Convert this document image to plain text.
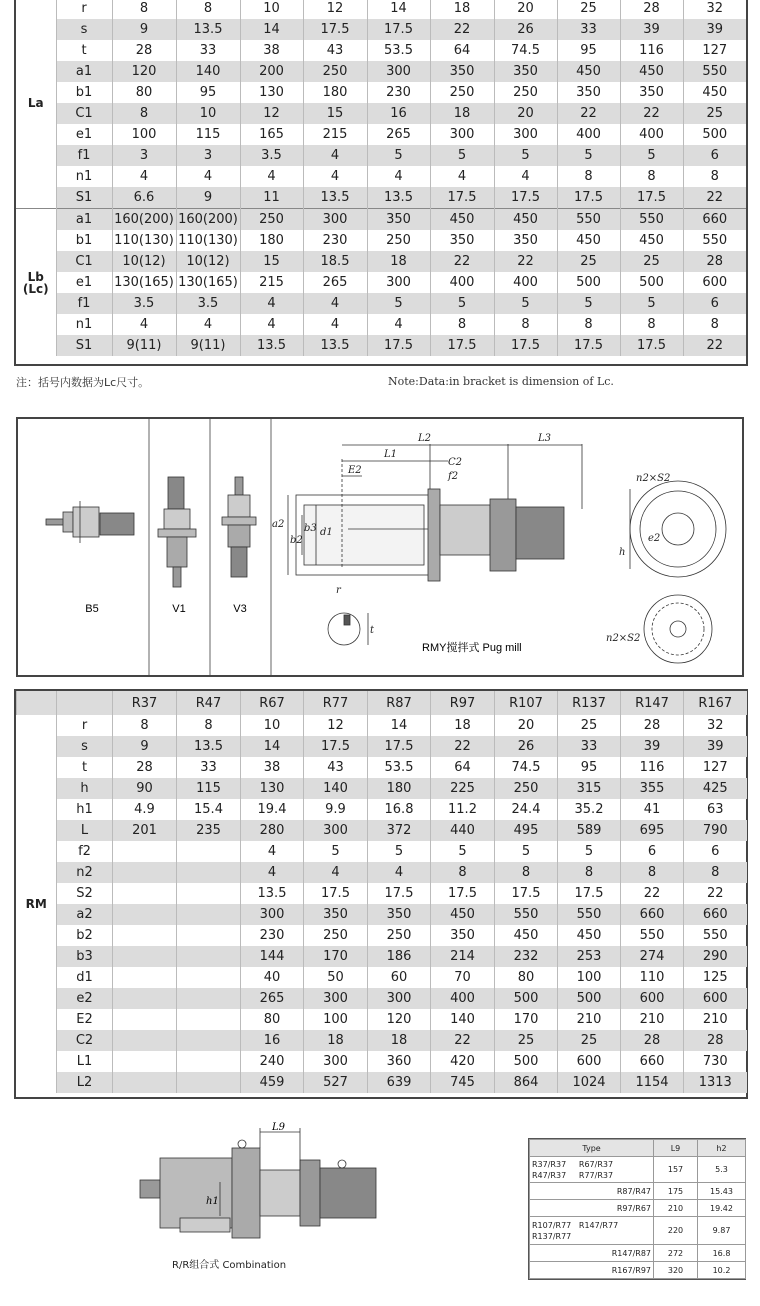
La	r	8	8	10	12	14	18	20	25	28	32
	s	9	13.5	14	17.5	17.5	22	26	33	39	39
	t	28	33	38	43	53.5	64	74.5	95	116	127
	a1	120	140	200	250	300	350	350	450	450	550
	b1	80	95	130	180	230	250	250	350	350	450
	C1	8	10	12	15	16	18	20	22	22	25
	e1	100	115	165	215	265	300	300	400	400	500
	f1	3	3	3.5	4	5	5	5	5	5	6
	n1	4	4	4	4	4	4	4	8	8	8
	S1	6.6	9	11	13.5	13.5	17.5	17.5	17.5	17.5	22

Lb
(Lc)	a1	160(200)	160(200)	250	300	350	450	450	550	550	660
	b1	110(130)	110(130)	180	230	250	350	350	450	450	550
	C1	10(12)	10(12)	15	18.5	18	22	22	25	25	28
	e1	130(165)	130(165)	215	265	300	400	400	500	500	600
	f1	3.5	3.5	4	4	5	5	5	5	5	6
	n1	4	4	4	4	4	8	8	8	8	8
	S1	9(11)	9(11)	13.5	13.5	17.5	17.5	17.5	17.5	17.5	22
注：括号内数据为Lc尺寸。	Note:Data:in bracket is dimension of Lc.
B5	V1	V3
L2	L3
L1
C2
E2
f2
a2 b3
b2
d1
h
r
t
n2×S2
e2
n2×S2
RMY搅拌式 Pug mill
		R37	R47	R67	R77	R87	R97	R107	R137	R147	R167

RM	r	8	8	10	12	14	18	20	25	28	32
	s	9	13.5	14	17.5	17.5	22	26	33	39	39
	t	28	33	38	43	53.5	64	74.5	95	116	127
	h	90	115	130	140	180	225	250	315	355	425
	h1	4.9	15.4	19.4	9.9	16.8	11.2	24.4	35.2	41	63
	L	201	235	280	300	372	440	495	589	695	790
	f2			4	5	5	5	5	5	6	6
	n2			4	4	4	8	8	8	8	8
	S2			13.5	17.5	17.5	17.5	17.5	17.5	22	22
	a2			300	350	350	450	550	550	660	660
	b2			230	250	250	350	450	450	550	550
	b3			144	170	186	214	232	253	274	290
	d1			40	50	60	70	80	100	110	125
	e2			265	300	300	400	500	500	600	600
	E2			80	100	120	140	170	210	210	210
	C2			16	18	18	22	25	25	28	28
	L1			240	300	360	420	500	600	660	730
	L2			459	527	639	745	864	1024	1154	1313
L9
h1
R/R组合式 Combination
Type	L9	h2
R37/R37 R67/R37
R47/R37 R77/R37	157	5.3
R87/R47	175	15.43
R97/R67	210	19.42
R107/R77 R147/R77
R137/R77	220	9.87
R147/R87	272	16.8
R167/R97	320	10.2
